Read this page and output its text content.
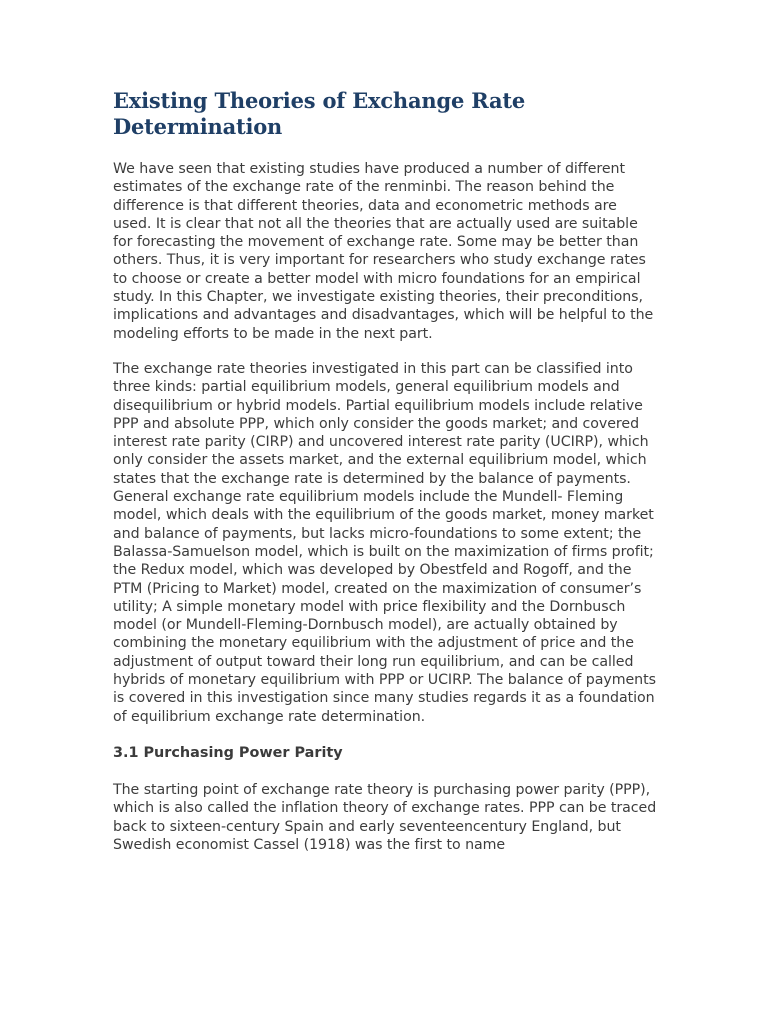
Existing Theories of Exchange Rate Determination

We have seen that existing studies have produced a number of different estimates of the exchange rate of the renminbi. The reason behind the difference is that different theories, data and econometric methods are used. It is clear that not all the theories that are actually used are suitable for forecasting the movement of exchange rate. Some may be better than others. Thus, it is very important for researchers who study exchange rates to choose or create a better model with micro foundations for an empirical study. In this Chapter, we investigate existing theories, their preconditions, implications and advantages and disadvantages, which will be helpful to the modeling efforts to be made in the next part.

The exchange rate theories investigated in this part can be classified into three kinds: partial equilibrium models, general equilibrium models and disequilibrium or hybrid models. Partial equilibrium models include relative PPP and absolute PPP, which only consider the goods market; and covered interest rate parity (CIRP) and uncovered interest rate parity (UCIRP), which only consider the assets market, and the external equilibrium model, which states that the exchange rate is determined by the balance of payments. General exchange rate equilibrium models include the Mundell- Fleming model, which deals with the equilibrium of the goods market, money market and balance of payments, but lacks micro-foundations to some extent; the Balassa-Samuelson model, which is built on the maximization of firms profit; the Redux model, which was developed by Obestfeld and Rogoff, and the PTM (Pricing to Market) model, created on the maximization of consumer’s utility; A simple monetary model with price flexibility and the Dornbusch model (or Mundell-Fleming-Dornbusch model), are actually obtained by combining the monetary equilibrium with the adjustment of price and the adjustment of output toward their long run equilibrium, and can be called hybrids of monetary equilibrium with PPP or UCIRP. The balance of payments is covered in this investigation since many studies regards it as a foundation of equilibrium exchange rate determination.

3.1 Purchasing Power Parity

The starting point of exchange rate theory is purchasing power parity (PPP), which is also called the inflation theory of exchange rates. PPP can be traced back to sixteen-century Spain and early seventeencentury England, but Swedish economist Cassel (1918) was the first to name
